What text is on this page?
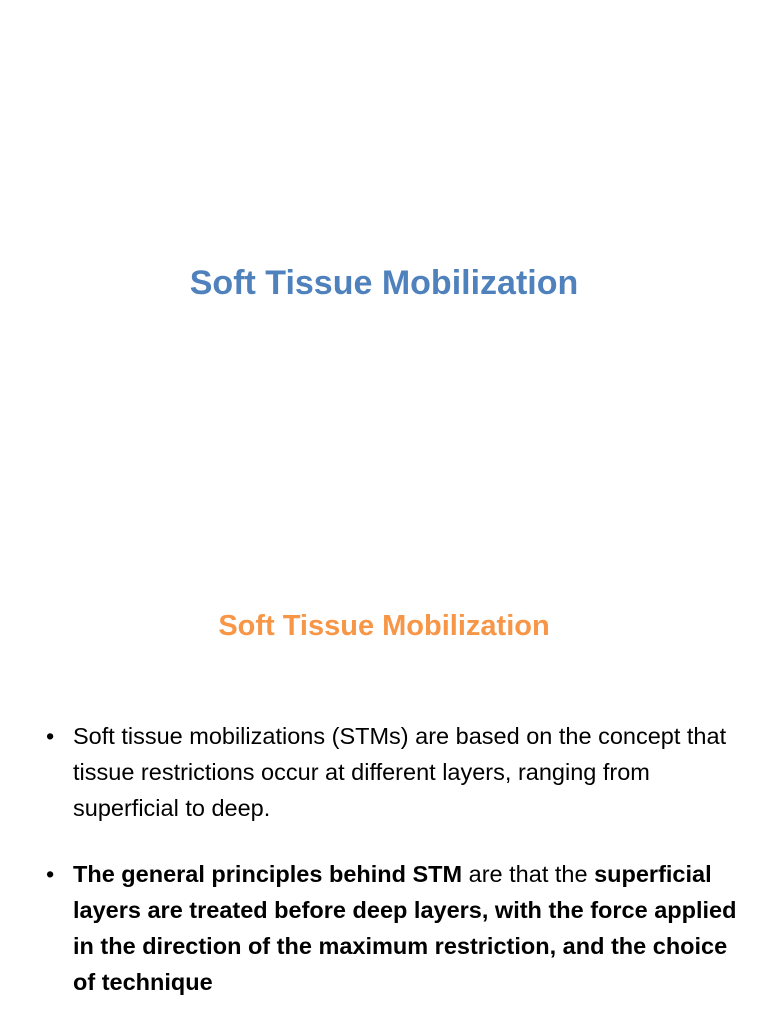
Soft Tissue Mobilization
Soft Tissue Mobilization
• Soft tissue mobilizations (STMs) are based on the concept that tissue restrictions occur at different layers, ranging from superficial to deep.
• The general principles behind STM are that the superficial layers are treated before deep layers, with the force applied in the direction of the maximum restriction, and the choice of technique
